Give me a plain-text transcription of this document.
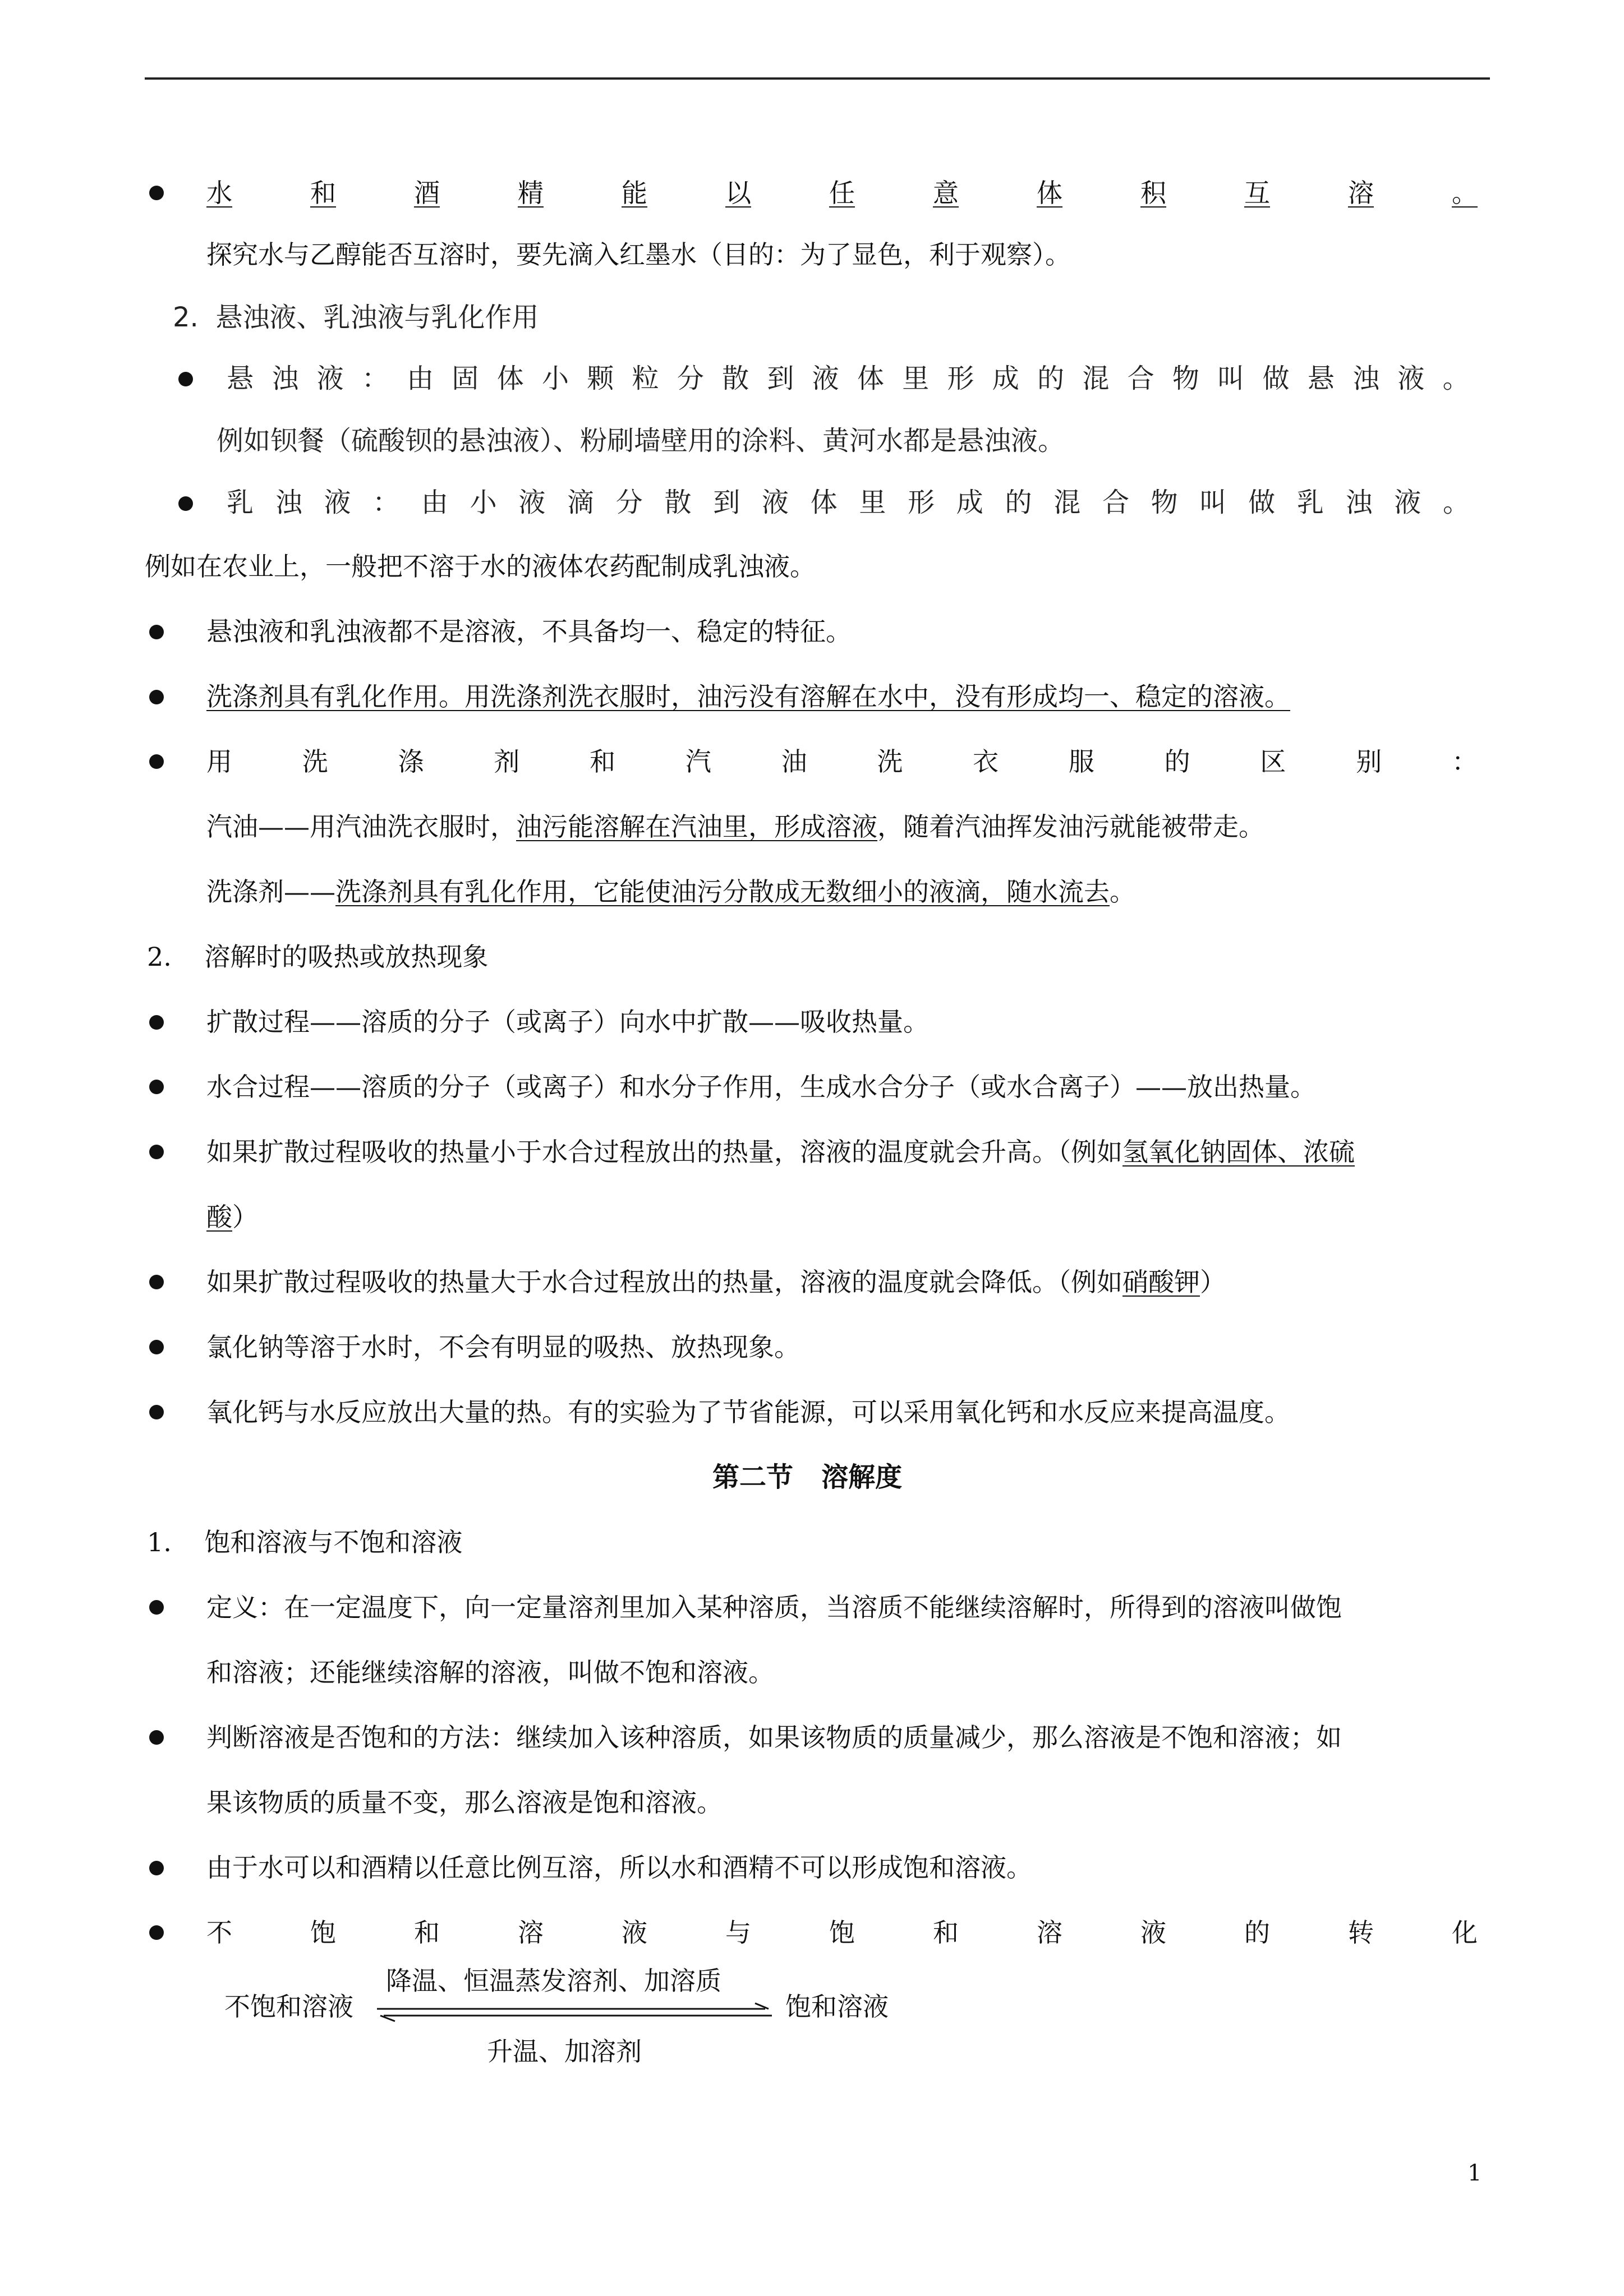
水	和	酒	精	能	以	任	意	体	积	互	溶	。
探究水与乙醇能否互溶时，要先滴入红墨水（目的：为了显色，利于观察）。
2.  悬浊液、乳浊液与乳化作用
悬 浊 液 ： 由 固 体 小 颗 粒 分 散 到 液 体 里 形 成 的 混 合 物 叫 做 悬 浊 液 。
例如钡餐（硫酸钡的悬浊液）、粉刷墙壁用的涂料、黄河水都是悬浊液。
乳 浊 液 ： 由 小 液 滴 分 散 到 液 体 里 形 成 的 混 合 物 叫 做 乳 浊 液 。
例如在农业上，一般把不溶于水的液体农药配制成乳浊液。
悬浊液和乳浊液都不是溶液，不具备均一、稳定的特征。
洗涤剂具有乳化作用。用洗涤剂洗衣服时，油污没有溶解在水中，没有形成均一、稳定的溶液。
用	洗	涤	剂	和	汽	油	洗	衣	服	的	区	别	：
汽油——用汽油洗衣服时，油污能溶解在汽油里，形成溶液，随着汽油挥发油污就能被带走。
洗涤剂——洗涤剂具有乳化作用，它能使油污分散成无数细小的液滴，随水流去。
2.    溶解时的吸热或放热现象
扩散过程——溶质的分子（或离子）向水中扩散——吸收热量。
水合过程——溶质的分子（或离子）和水分子作用，生成水合分子（或水合离子）——放出热量。
如果扩散过程吸收的热量小于水合过程放出的热量，溶液的温度就会升高。（例如氢氧化钠固体、浓硫
酸）
如果扩散过程吸收的热量大于水合过程放出的热量，溶液的温度就会降低。（例如硝酸钾）
氯化钠等溶于水时，不会有明显的吸热、放热现象。
氧化钙与水反应放出大量的热。有的实验为了节省能源，可以采用氧化钙和水反应来提高温度。
第二节   溶解度
1.    饱和溶液与不饱和溶液
定义：在一定温度下，向一定量溶剂里加入某种溶质，当溶质不能继续溶解时，所得到的溶液叫做饱
和溶液；还能继续溶解的溶液，叫做不饱和溶液。
判断溶液是否饱和的方法：继续加入该种溶质，如果该物质的质量减少，那么溶液是不饱和溶液；如
果该物质的质量不变，那么溶液是饱和溶液。
由于水可以和酒精以任意比例互溶，所以水和酒精不可以形成饱和溶液。
不	饱	和	溶	液	与	饱	和	溶	液	的	转	化
降温、恒温蒸发溶剂、加溶质
不饱和溶液	饱和溶液
升温、加溶剂
1
